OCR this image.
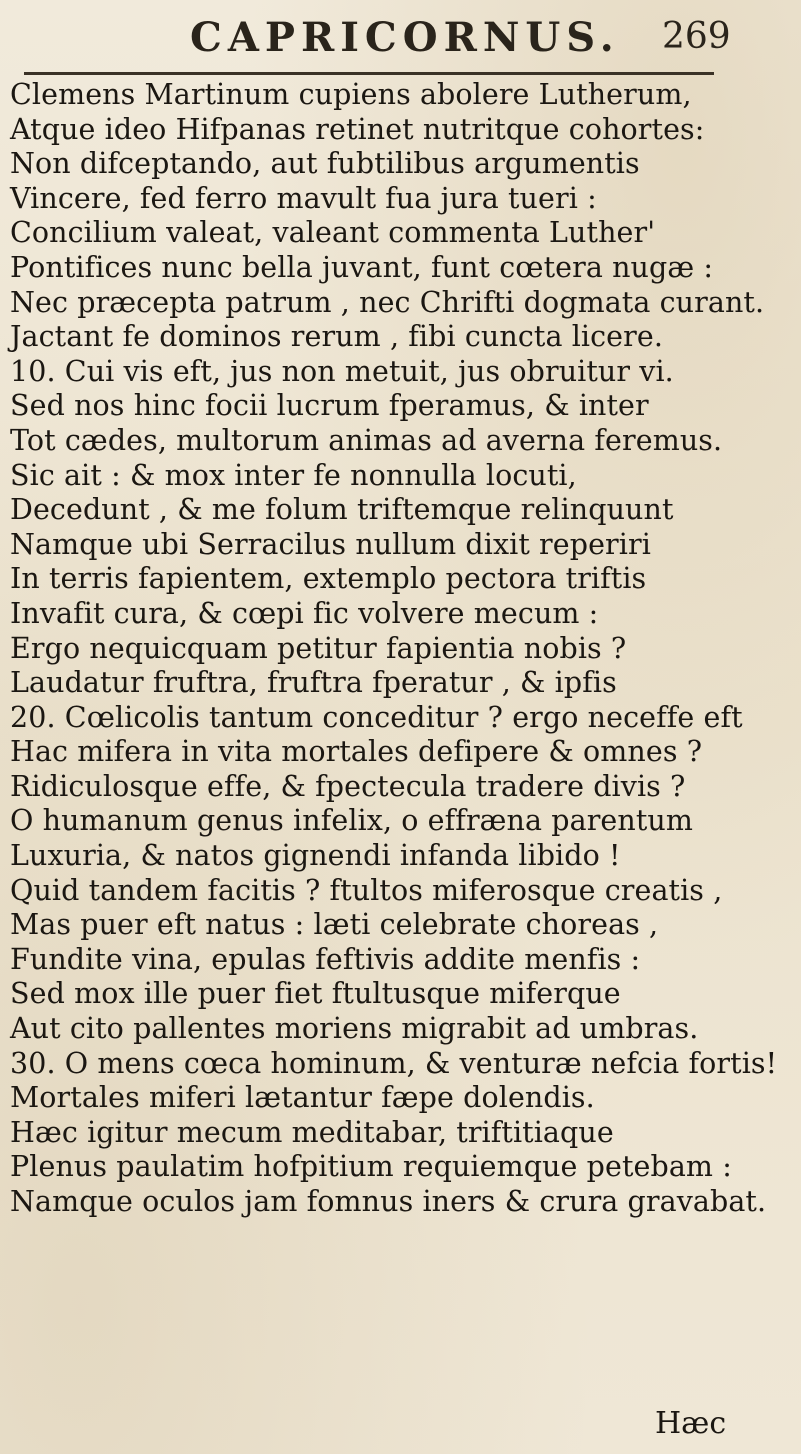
CAPRICORNUS. 269
Clemens Martinum cupiens abolere Lutherum,
Atque ideo Hifpanas retinet nutritque cohortes:
Non difceptando, aut fubtilibus argumentis
Vincere, fed ferro mavult fua jura tueri :
Concilium valeat, valeant commenta Luther'
Pontifices nunc bella juvant, funt cœtera nugæ :
Nec præcepta patrum , nec Chrifti dogmata curant.
Jactant fe dominos rerum , fibi cuncta licere.
10. Cui vis eft, jus non metuit, jus obruitur vi.
Sed nos hinc focii lucrum fperamus, & inter
Tot cædes, multorum animas ad averna feremus.
Sic ait : & mox inter fe nonnulla locuti,
Decedunt , & me folum triftemque relinquunt
Namque ubi Serracilus nullum dixit reperiri
In terris fapientem, extemplo pectora triftis
Invafit cura, & cœpi fic volvere mecum :
Ergo nequicquam petitur fapientia nobis ?
Laudatur fruftra, fruftra fperatur , & ipfis
20. Cœlicolis tantum conceditur ? ergo neceffe eft
Hac mifera in vita mortales defipere & omnes ?
Ridiculosque effe, & fpectecula tradere divis ?
O humanum genus infelix, o effræna parentum
Luxuria, & natos gignendi infanda libido !
Quid tandem facitis ? ftultos miferosque creatis ,
Mas puer eft natus : læti celebrate choreas ,
Fundite vina, epulas feftivis addite menfis :
Sed mox ille puer fiet ftultusque miferque
Aut cito pallentes moriens migrabit ad umbras.
30. O mens cœca hominum, & venturæ nefcia fortis!
Mortales miferi lætantur fæpe dolendis.
Hæc igitur mecum meditabar, triftitiaque
Plenus paulatim hofpitium requiemque petebam :
Namque oculos jam fomnus iners & crura gravabat.
Hæc
